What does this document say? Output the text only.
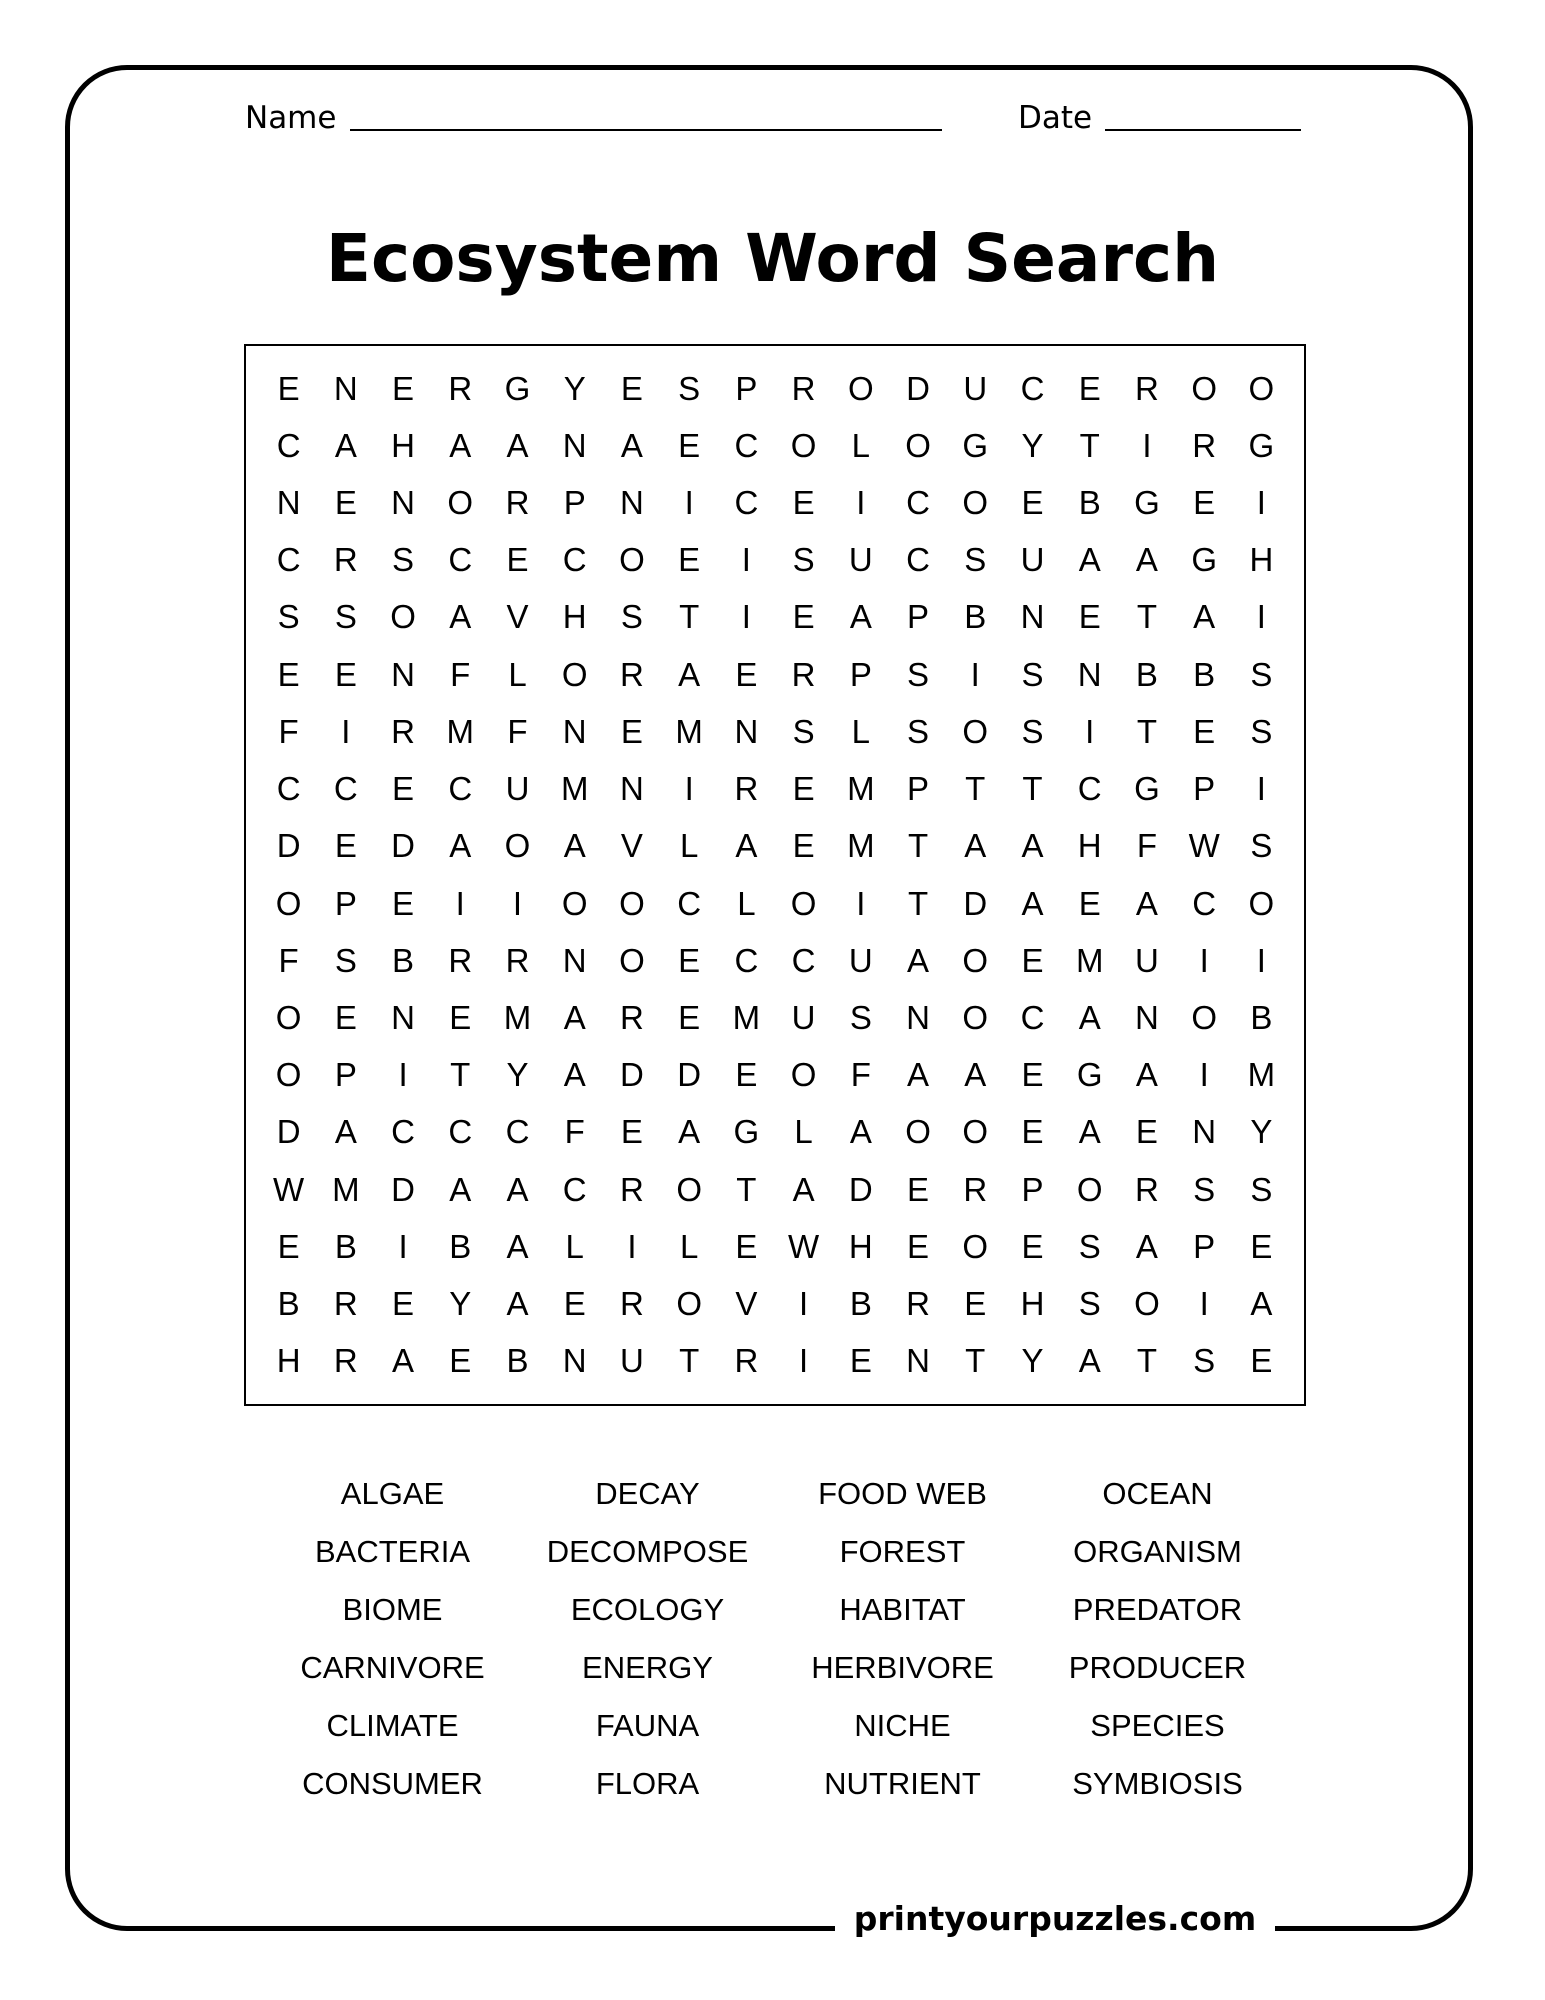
Name	Date
Ecosystem Word Search
E	N	E	R G	Y	E	S	P	R O D	U	C	E	R O O
C	A	H	A	A	N	A	E	C O	L	O G	Y	T	I	R G
N	E	N O R	P	N	I	C	E	I	C O	E	B	G	E	I
C	R	S	C	E	C O	E	I	S	U	C	S	U	A	A	G H
S	S	O	A	V	H	S	T	I	E	A	P	B	N	E	T	A	I
E	E	N	F	L	O R	A	E	R	P	S	I	S	N	B	B	S
F	I	R M	F	N	E M N	S	L	S	O	S	I	T	E	S
C	C	E	C	U M N	I	R	E M P	T	T	C G	P	I
D	E	D	A	O	A	V	L	A	E M	T	A	A	H	F W S
O	P	E	I	I	O O C	L	O	I	T	D	A	E	A	C O
F	S	B	R	R	N O	E	C	C	U	A	O	E M U	I	I
O	E	N	E M A	R	E M U	S	N O C	A	N O	B
O	P	I	T	Y	A	D	D	E	O	F	A	A	E	G	A	I	M
D	A	C	C	C	F	E	A	G	L	A	O O	E	A	E	N	Y
W M D	A	A	C	R O	T	A	D	E	R	P	O R	S	S
E	B	I	B	A	L	I	L	E W H	E	O	E	S	A	P	E
B	R	E	Y	A	E	R O	V	I	B	R	E	H	S	O	I	A
H	R	A	E	B	N	U	T	R	I	E	N	T	Y	A	T	S	E
ALGAE
BACTERIA
BIOME
CARNIVORE
CLIMATE
CONSUMER
DECAY
DECOMPOSE
ECOLOGY
ENERGY
FAUNA
FLORA
FOOD WEB
FOREST
HABITAT
HERBIVORE
NICHE
NUTRIENT
OCEAN
ORGANISM
PREDATOR
PRODUCER
SPECIES
SYMBIOSIS
printyourpuzzles.com
